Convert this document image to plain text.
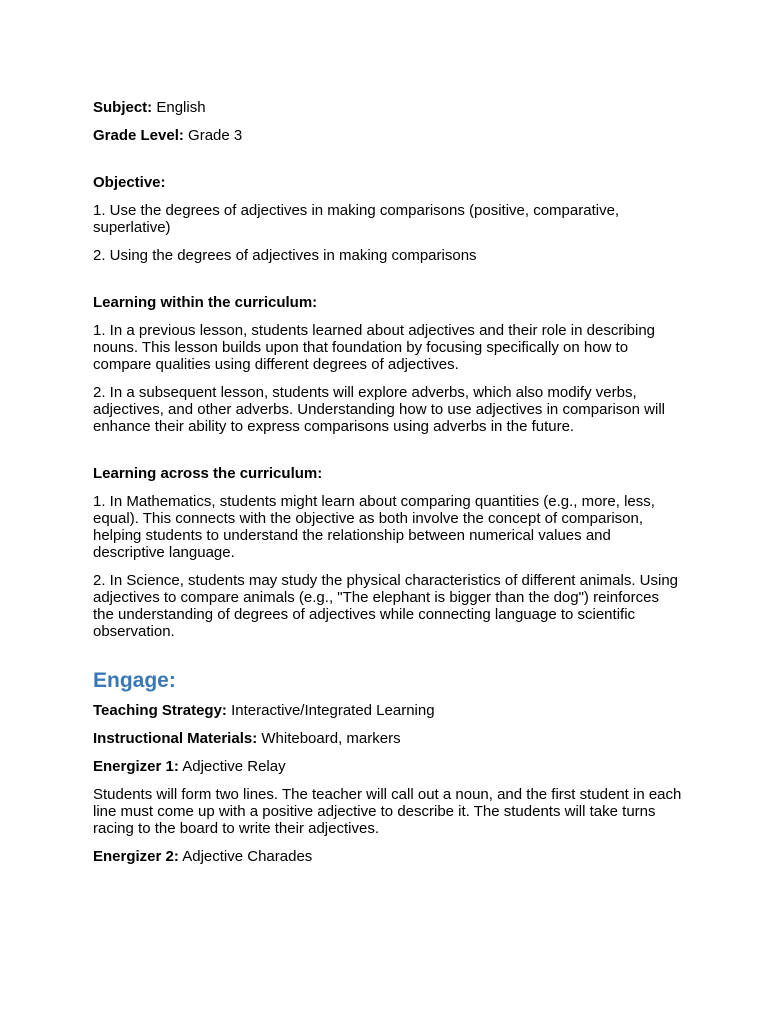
Subject: English

Grade Level: Grade 3

Objective:

1. Use the degrees of adjectives in making comparisons (positive, comparative, superlative)

2. Using the degrees of adjectives in making comparisons

Learning within the curriculum:

1. In a previous lesson, students learned about adjectives and their role in describing nouns. This lesson builds upon that foundation by focusing specifically on how to compare qualities using different degrees of adjectives.

2. In a subsequent lesson, students will explore adverbs, which also modify verbs, adjectives, and other adverbs. Understanding how to use adjectives in comparison will enhance their ability to express comparisons using adverbs in the future.

Learning across the curriculum:

1. In Mathematics, students might learn about comparing quantities (e.g., more, less, equal). This connects with the objective as both involve the concept of comparison, helping students to understand the relationship between numerical values and descriptive language.

2. In Science, students may study the physical characteristics of different animals. Using adjectives to compare animals (e.g., "The elephant is bigger than the dog") reinforces the understanding of degrees of adjectives while connecting language to scientific observation.

Engage:

Teaching Strategy: Interactive/Integrated Learning

Instructional Materials: Whiteboard, markers

Energizer 1: Adjective Relay

Students will form two lines. The teacher will call out a noun, and the first student in each line must come up with a positive adjective to describe it. The students will take turns racing to the board to write their adjectives.

Energizer 2: Adjective Charades
